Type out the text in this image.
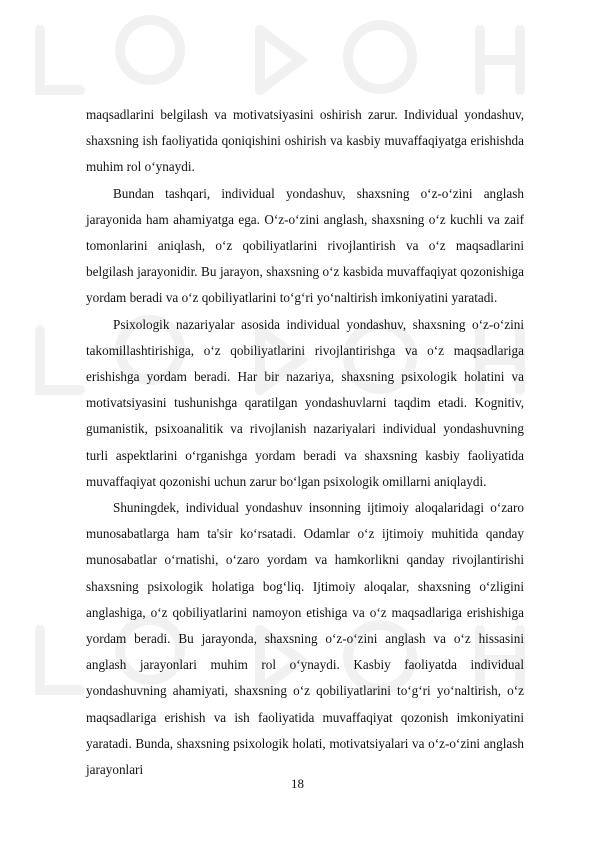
maqsadlarini belgilash va motivatsiyasini oshirish zarur. Individual yondashuv, shaxsning ish faoliyatida qoniqishini oshirish va kasbiy muvaffaqiyatga erishishda muhim rol o‘ynaydi.

Bundan tashqari, individual yondashuv, shaxsning o‘z-o‘zini anglash jarayonida ham ahamiyatga ega. O‘z-o‘zini anglash, shaxsning o‘z kuchli va zaif tomonlarini aniqlash, o‘z qobiliyatlarini rivojlantirish va o‘z maqsadlarini belgilash jarayonidir. Bu jarayon, shaxsning o‘z kasbida muvaffaqiyat qozonishiga yordam beradi va o‘z qobiliyatlarini to‘g‘ri yo‘naltirish imkoniyatini yaratadi.

Psixologik nazariyalar asosida individual yondashuv, shaxsning o‘z-o‘zini takomillashtirishiga, o‘z qobiliyatlarini rivojlantirishga va o‘z maqsadlariga erishishga yordam beradi. Har bir nazariya, shaxsning psixologik holatini va motivatsiyasini tushunishga qaratilgan yondashuvlarni taqdim etadi. Kognitiv, gumanistik, psixoanalitik va rivojlanish nazariyalari individual yondashuvning turli aspektlarini o‘rganishga yordam beradi va shaxsning kasbiy faoliyatida muvaffaqiyat qozonishi uchun zarur bo‘lgan psixologik omillarni aniqlaydi.

Shuningdek, individual yondashuv insonning ijtimoiy aloqalaridagi o‘zaro munosabatlarga ham ta'sir ko‘rsatadi. Odamlar o‘z ijtimoiy muhitida qanday munosabatlar o‘rnatishi, o‘zaro yordam va hamkorlikni qanday rivojlantirishi shaxsning psixologik holatiga bog‘liq. Ijtimoiy aloqalar, shaxsning o‘zligini anglashiga, o‘z qobiliyatlarini namoyon etishiga va o‘z maqsadlariga erishishiga yordam beradi. Bu jarayonda, shaxsning o‘z-o‘zini anglash va o‘z hissasini anglash jarayonlari muhim rol o‘ynaydi. Kasbiy faoliyatda individual yondashuvning ahamiyati, shaxsning o‘z qobiliyatlarini to‘g‘ri yo‘naltirish, o‘z maqsadlariga erishish va ish faoliyatida muvaffaqiyat qozonish imkoniyatini yaratadi. Bunda, shaxsning psixologik holati, motivatsiyalari va o‘z-o‘zini anglash jarayonlari

18
